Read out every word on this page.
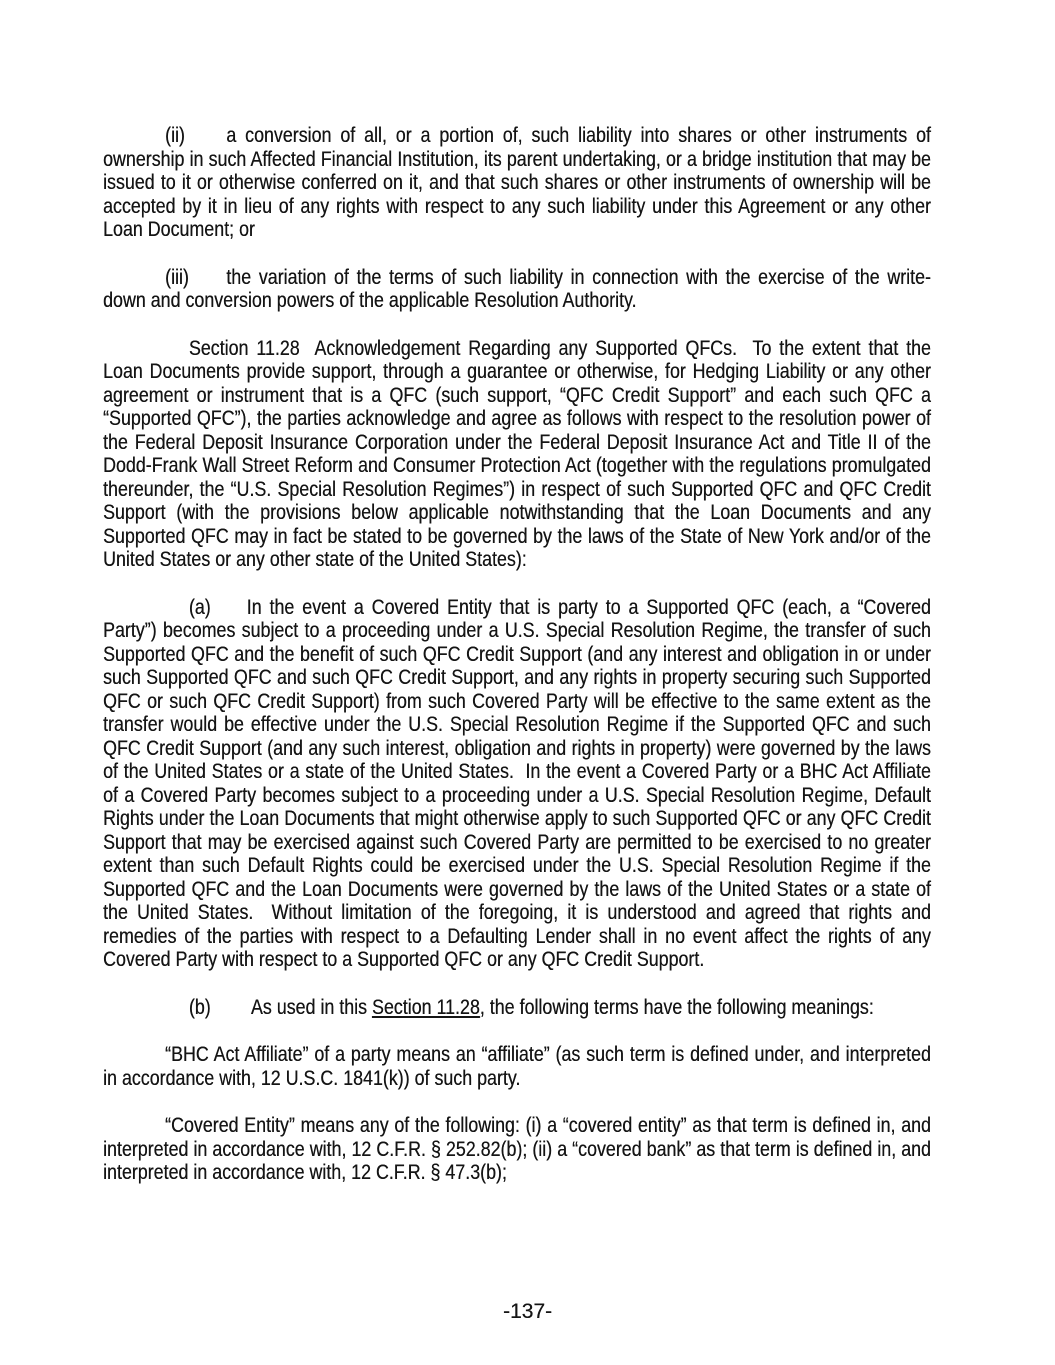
(ii) a conversion of all, or a portion of, such liability into shares or other instruments of ownership in such Affected Financial Institution, its parent undertaking, or a bridge institution that may be issued to it or otherwise conferred on it, and that such shares or other instruments of ownership will be accepted by it in lieu of any rights with respect to any such liability under this Agreement or any other Loan Document; or

(iii) the variation of the terms of such liability in connection with the exercise of the write-down and conversion powers of the applicable Resolution Authority.

Section 11.28  Acknowledgement Regarding any Supported QFCs.  To the extent that the Loan Documents provide support, through a guarantee or otherwise, for Hedging Liability or any other agreement or instrument that is a QFC (such support, “QFC Credit Support” and each such QFC a “Supported QFC”), the parties acknowledge and agree as follows with respect to the resolution power of the Federal Deposit Insurance Corporation under the Federal Deposit Insurance Act and Title II of the Dodd-Frank Wall Street Reform and Consumer Protection Act (together with the regulations promulgated thereunder, the “U.S. Special Resolution Regimes”) in respect of such Supported QFC and QFC Credit Support (with the provisions below applicable notwithstanding that the Loan Documents and any Supported QFC may in fact be stated to be governed by the laws of the State of New York and/or of the United States or any other state of the United States):

(a) In the event a Covered Entity that is party to a Supported QFC (each, a “Covered Party”) becomes subject to a proceeding under a U.S. Special Resolution Regime, the transfer of such Supported QFC and the benefit of such QFC Credit Support (and any interest and obligation in or under such Supported QFC and such QFC Credit Support, and any rights in property securing such Supported QFC or such QFC Credit Support) from such Covered Party will be effective to the same extent as the transfer would be effective under the U.S. Special Resolution Regime if the Supported QFC and such QFC Credit Support (and any such interest, obligation and rights in property) were governed by the laws of the United States or a state of the United States.  In the event a Covered Party or a BHC Act Affiliate of a Covered Party becomes subject to a proceeding under a U.S. Special Resolution Regime, Default Rights under the Loan Documents that might otherwise apply to such Supported QFC or any QFC Credit Support that may be exercised against such Covered Party are permitted to be exercised to no greater extent than such Default Rights could be exercised under the U.S. Special Resolution Regime if the Supported QFC and the Loan Documents were governed by the laws of the United States or a state of the United States.  Without limitation of the foregoing, it is understood and agreed that rights and remedies of the parties with respect to a Defaulting Lender shall in no event affect the rights of any Covered Party with respect to a Supported QFC or any QFC Credit Support.

(b) As used in this Section 11.28, the following terms have the following meanings:

“BHC Act Affiliate” of a party means an “affiliate” (as such term is defined under, and interpreted in accordance with, 12 U.S.C. 1841(k)) of such party.

“Covered Entity” means any of the following: (i) a “covered entity” as that term is defined in, and interpreted in accordance with, 12 C.F.R. § 252.82(b); (ii) a “covered bank” as that term is defined in, and interpreted in accordance with, 12 C.F.R. § 47.3(b);

-137-
